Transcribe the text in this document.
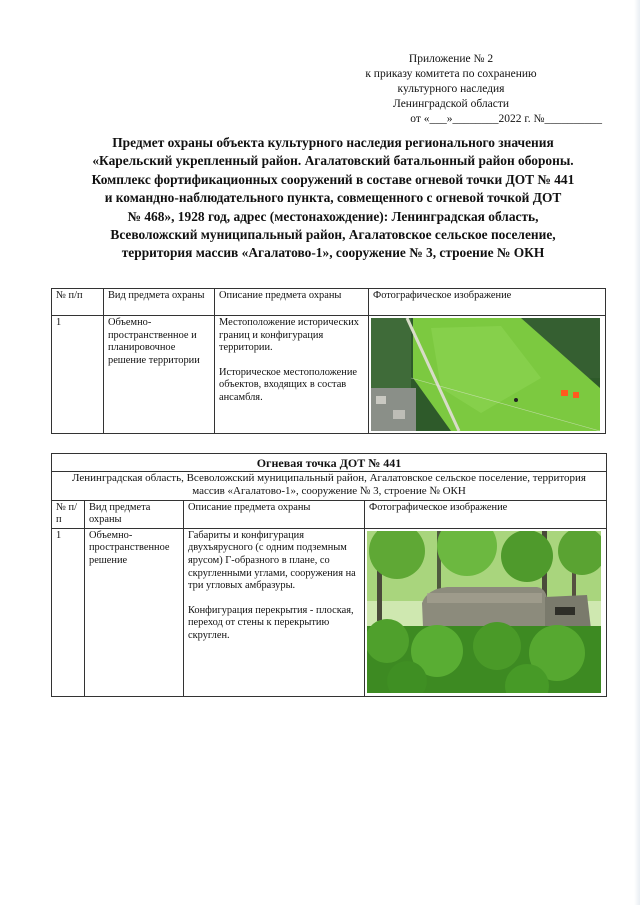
Приложение № 2
к приказу комитета по сохранению
культурного наследия
Ленинградской области
от «___»________2022 г. №__________
Предмет охраны объекта культурного наследия регионального значения
«Карельский укрепленный район. Агалатовский батальонный район обороны.
Комплекс фортификационных сооружений в составе огневой точки ДОТ № 441
и командно-наблюдательного пункта, совмещенного с огневой точкой ДОТ
№ 468», 1928 год, адрес (местонахождение): Ленинградская область,
Всеволожский муниципальный район, Агалатовское сельское поселение,
территория массив «Агалатово-1», сооружение № 3, строение № ОКН
№ п/п	Вид предмета охраны	Описание предмета охраны	Фотографическое изображение
1	Объемно-пространственное и планировочное решение территории	Местоположение исторических границ и конфигурация территории.
Историческое местоположение объектов, входящих в состав ансамбля.

Огневая точка ДОТ № 441			
Ленинградская область, Всеволожский муниципальный район, Агалатовское сельское поселение, территория массив «Агалатово-1», сооружение № 3, строение № ОКН			
№ п/п	Вид предмета охраны	Описание предмета охраны	Фотографическое изображение
1	Объемно-пространственное решение	Габариты и конфигурация двухъярусного (с одним подземным ярусом) Г-образного в плане, со скругленными углами, сооружения на три угловых амбразуры.
Конфигурация перекрытия - плоская, переход от стены к перекрытию скруглен.
